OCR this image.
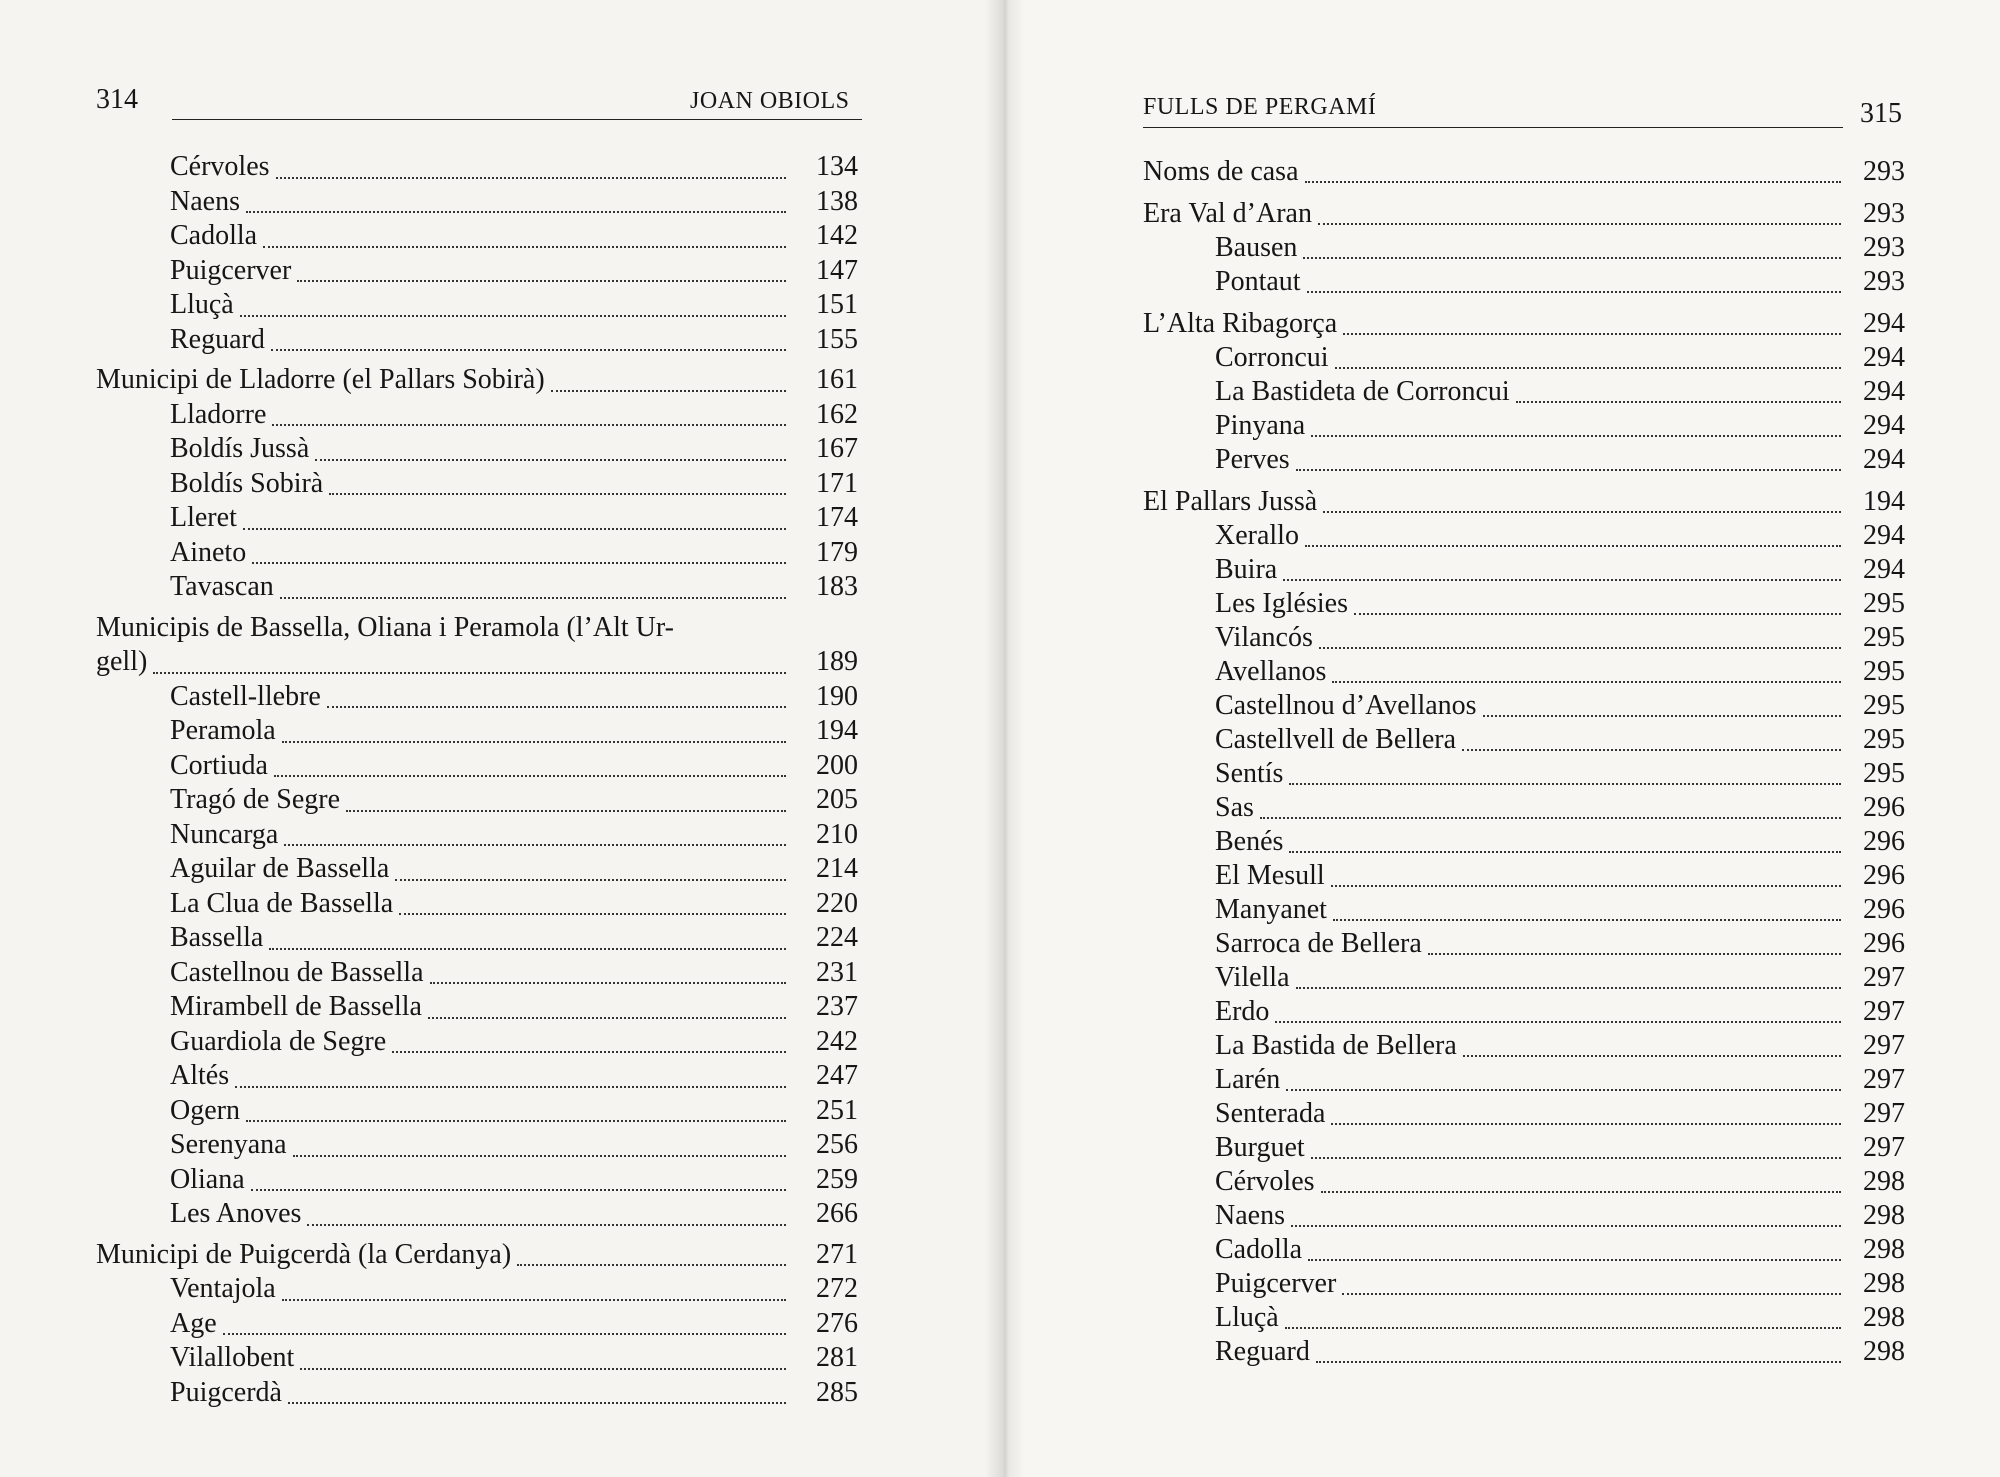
314	JOAN OBIOLS
Cérvoles	134
Naens	138
Cadolla	142
Puigcerver	147
Lluçà	151
Reguard	155
Municipi de Lladorre (el Pallars Sobirà)	161
Lladorre	162
Boldís Jussà	167
Boldís Sobirà	171
Lleret	174
Aineto	179
Tavascan	183
Municipis de Bassella, Oliana i Peramola (l’Alt Ur-
gell)	189
Castell-llebre	190
Peramola	194
Cortiuda	200
Tragó de Segre	205
Nuncarga	210
Aguilar de Bassella	214
La Clua de Bassella	220
Bassella	224
Castellnou de Bassella	231
Mirambell de Bassella	237
Guardiola de Segre	242
Altés	247
Ogern	251
Serenyana	256
Oliana	259
Les Anoves	266
Municipi de Puigcerdà (la Cerdanya)	271
Ventajola	272
Age	276
Vilallobent	281
Puigcerdà	285
FULLS DE PERGAMÍ	315
Noms de casa	293
Era Val d’Aran	293
Bausen	293
Pontaut	293
L’Alta Ribagorça	294
Corroncui	294
La Bastideta de Corroncui	294
Pinyana	294
Perves	294
El Pallars Jussà	194
Xerallo	294
Buira	294
Les Iglésies	295
Vilancós	295
Avellanos	295
Castellnou d’Avellanos	295
Castellvell de Bellera	295
Sentís	295
Sas	296
Benés	296
El Mesull	296
Manyanet	296
Sarroca de Bellera	296
Vilella	297
Erdo	297
La Bastida de Bellera	297
Larén	297
Senterada	297
Burguet	297
Cérvoles	298
Naens	298
Cadolla	298
Puigcerver	298
Lluçà	298
Reguard	298
